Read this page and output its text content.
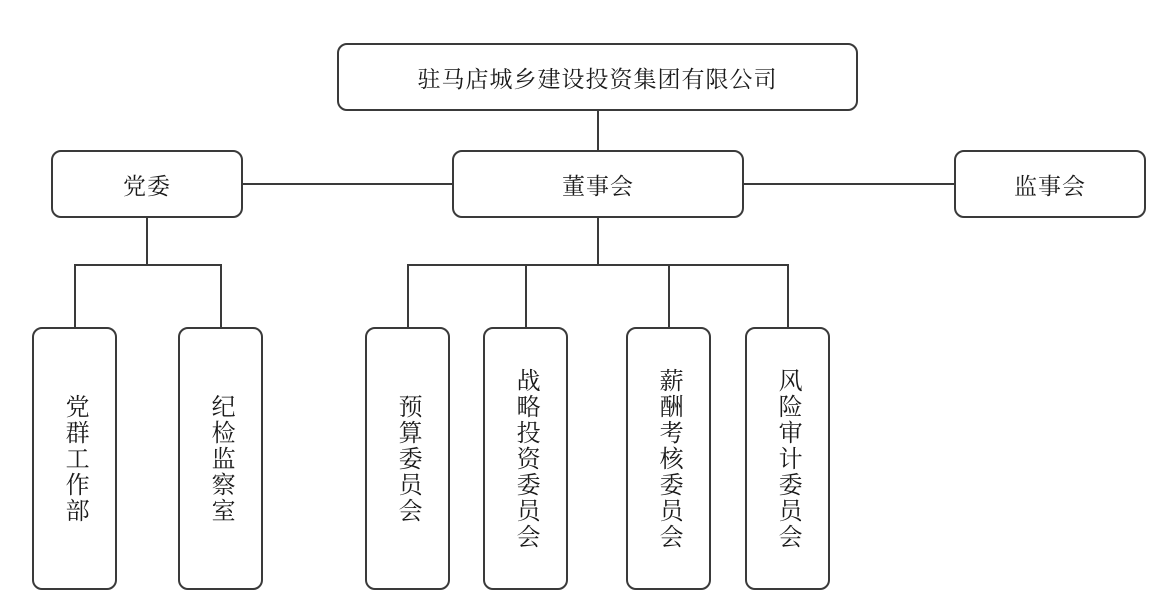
驻马店城乡建设投资集团有限公司
党委	董事会	监事会
党群工作部	纪检监察室	预算委员会	战略投资委员会	薪酬考核委员会	风险审计委员会
